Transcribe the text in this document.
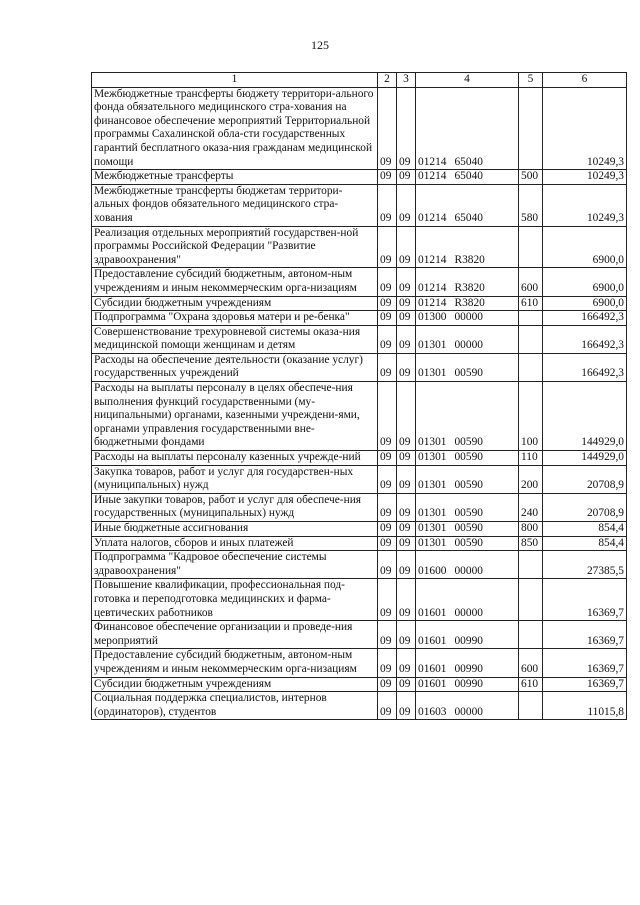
125
1	2	3	4	5	6
Межбюджетные трансферты бюджету территори-ального фонда обязательного медицинского стра-хования на финансовое обеспечение мероприятий Территориальной программы Сахалинской обла-сти государственных гарантий бесплатного оказа-ния гражданам медицинской помощи	09	09	01214 65040		10249,3
Межбюджетные трансферты	09	09	01214 65040	500	10249,3
Межбюджетные трансферты бюджетам территори-альных фондов обязательного медицинского стра-хования	09	09	01214 65040	580	10249,3
Реализация отдельных мероприятий государствен-ной программы Российской Федерации "Развитие здравоохранения"	09	09	01214 R3820		6900,0
Предоставление субсидий бюджетным, автоном-ным учреждениям и иным некоммерческим орга-низациям	09	09	01214 R3820	600	6900,0
Субсидии бюджетным учреждениям	09	09	01214 R3820	610	6900,0
Подпрограмма "Охрана здоровья матери и ре-бенка"	09	09	01300 00000		166492,3
Совершенствование трехуровневой системы оказа-ния медицинской помощи женщинам и детям	09	09	01301 00000		166492,3
Расходы на обеспечение деятельности (оказание услуг) государственных учреждений	09	09	01301 00590		166492,3
Расходы на выплаты персоналу в целях обеспече-ния выполнения функций государственными (му-ниципальными) органами, казенными учреждени-ями, органами управления государственными вне-бюджетными фондами	09	09	01301 00590	100	144929,0
Расходы на выплаты персоналу казенных учрежде-ний	09	09	01301 00590	110	144929,0
Закупка товаров, работ и услуг для государствен-ных (муниципальных) нужд	09	09	01301 00590	200	20708,9
Иные закупки товаров, работ и услуг для обеспече-ния государственных (муниципальных) нужд	09	09	01301 00590	240	20708,9
Иные бюджетные ассигнования	09	09	01301 00590	800	854,4
Уплата налогов, сборов и иных платежей	09	09	01301 00590	850	854,4
Подпрограмма "Кадровое обеспечение системы здравоохранения"	09	09	01600 00000		27385,5
Повышение квалификации, профессиональная под-готовка и переподготовка медицинских и фарма-цевтических работников	09	09	01601 00000		16369,7
Финансовое обеспечение организации и проведе-ния мероприятий	09	09	01601 00990		16369,7
Предоставление субсидий бюджетным, автоном-ным учреждениям и иным некоммерческим орга-низациям	09	09	01601 00990	600	16369,7
Субсидии бюджетным учреждениям	09	09	01601 00990	610	16369,7
Социальная поддержка специалистов, интернов (ординаторов), студентов	09	09	01603 00000		11015,8
